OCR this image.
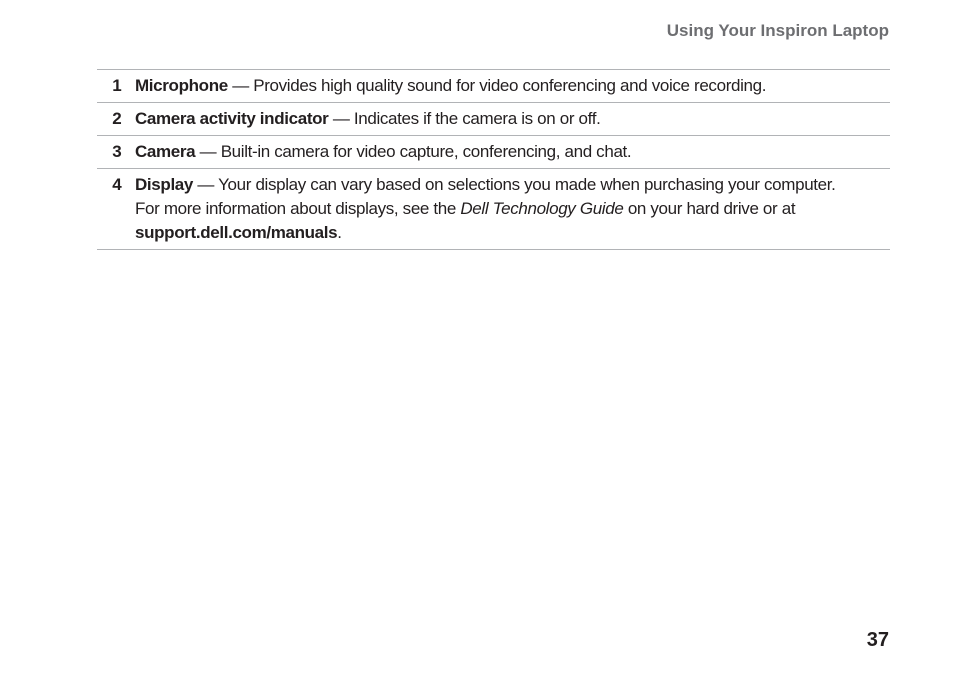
Using Your Inspiron Laptop
1	Microphone — Provides high quality sound for video conferencing and voice recording.
2	Camera activity indicator — Indicates if the camera is on or off.
3	Camera — Built-in camera for video capture, conferencing, and chat.
4	Display — Your display can vary based on selections you made when purchasing your computer. For more information about displays, see the Dell Technology Guide on your hard drive or at support.dell.com/manuals.
37
